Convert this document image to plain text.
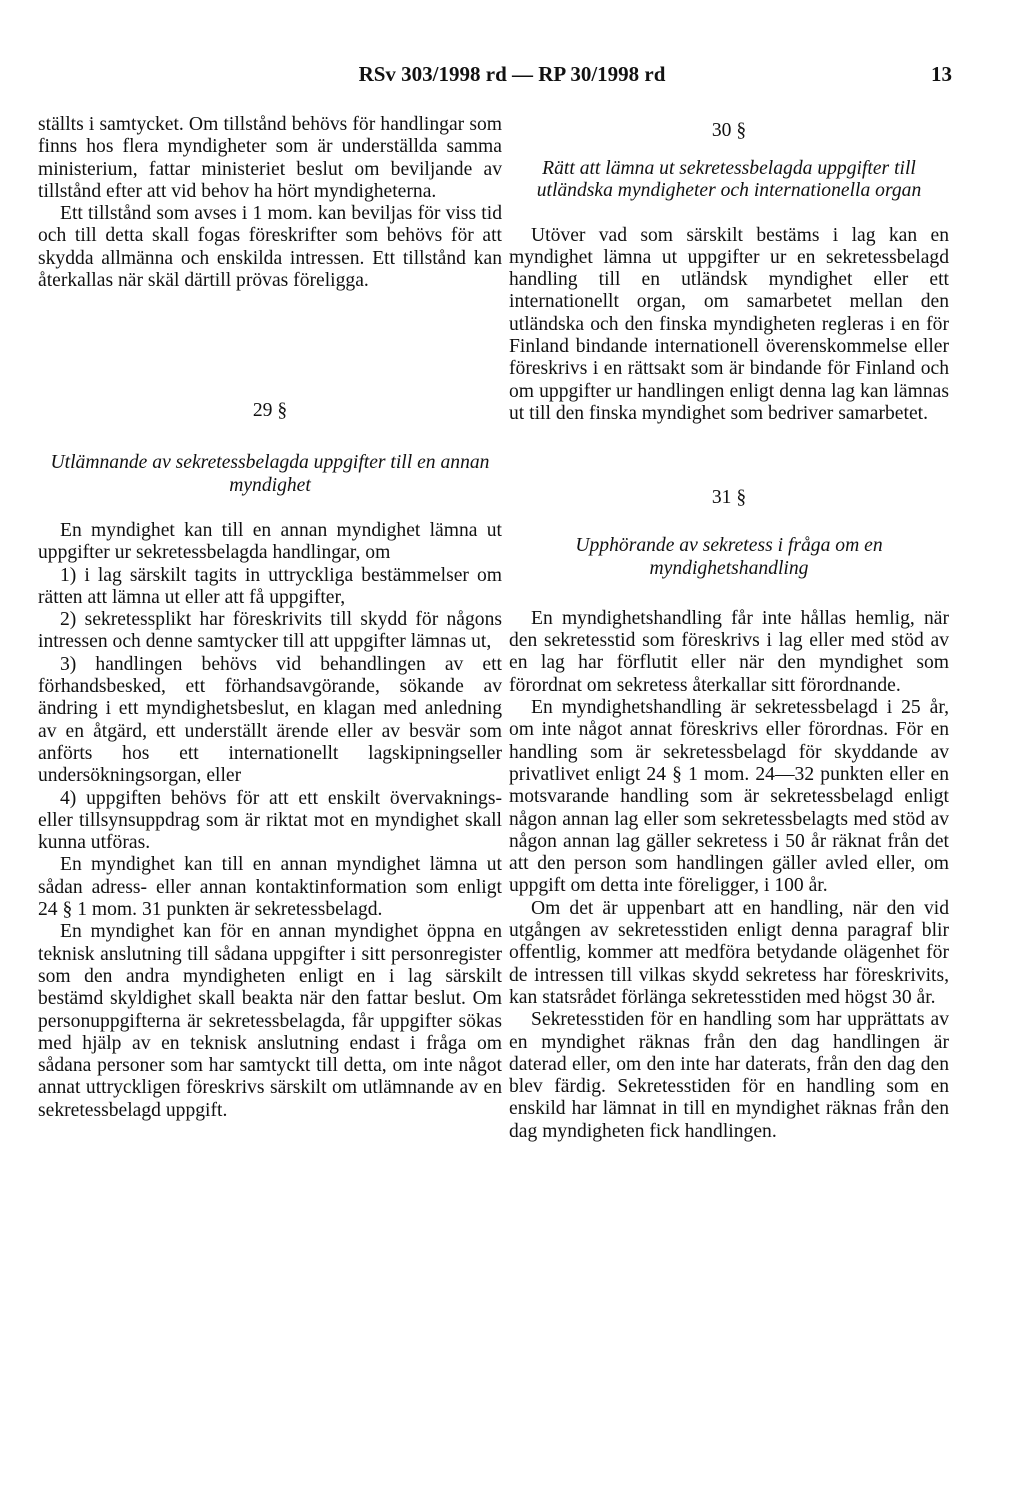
RSv 303/1998 rd — RP 30/1998 rd	13

ställts i samtycket. Om tillstånd behövs för handlingar som finns hos flera myndigheter som är underställda samma ministerium, fattar ministeriet beslut om beviljande av tillstånd efter att vid behov ha hört myndigheterna.

Ett tillstånd som avses i 1 mom. kan beviljas för viss tid och till detta skall fogas föreskrifter som behövs för att skydda allmänna och enskilda intressen. Ett tillstånd kan återkallas när skäl därtill prövas föreligga.

29 §
Utlämnande av sekretessbelagda uppgifter till en annan myndighet

En myndighet kan till en annan myndighet lämna ut uppgifter ur sekretessbelagda handlingar, om

1) i lag särskilt tagits in uttryckliga bestämmelser om rätten att lämna ut eller att få uppgifter,

2) sekretessplikt har föreskrivits till skydd för någons intressen och denne samtycker till att uppgifter lämnas ut,

3) handlingen behövs vid behandlingen av ett förhandsbesked, ett förhandsavgörande, sökande av ändring i ett myndighetsbeslut, en klagan med anledning av en åtgärd, ett underställt ärende eller av besvär som anförts hos ett internationellt lagskipningseller undersökningsorgan, eller

4) uppgiften behövs för att ett enskilt övervaknings- eller tillsynsuppdrag som är riktat mot en myndighet skall kunna utföras.

En myndighet kan till en annan myndighet lämna ut sådan adress- eller annan kontaktinformation som enligt 24 § 1 mom. 31 punkten är sekretessbelagd.

En myndighet kan för en annan myndighet öppna en teknisk anslutning till sådana uppgifter i sitt personregister som den andra myndigheten enligt en i lag särskilt bestämd skyldighet skall beakta när den fattar beslut. Om personuppgifterna är sekretessbelagda, får uppgifter sökas med hjälp av en teknisk anslutning endast i fråga om sådana personer som har samtyckt till detta, om inte något annat uttryckligen föreskrivs särskilt om utlämnande av en sekretessbelagd uppgift.

30 §
Rätt att lämna ut sekretessbelagda uppgifter till utländska myndigheter och internationella organ

Utöver vad som särskilt bestäms i lag kan en myndighet lämna ut uppgifter ur en sekretessbelagd handling till en utländsk myndighet eller ett internationellt organ, om samarbetet mellan den utländska och den finska myndigheten regleras i en för Finland bindande internationell överenskommelse eller föreskrivs i en rättsakt som är bindande för Finland och om uppgifter ur handlingen enligt denna lag kan lämnas ut till den finska myndighet som bedriver samarbetet.

31 §
Upphörande av sekretess i fråga om en myndighetshandling

En myndighetshandling får inte hållas hemlig, när den sekretesstid som föreskrivs i lag eller med stöd av en lag har förflutit eller när den myndighet som förordnat om sekretess återkallar sitt förordnande.

En myndighetshandling är sekretessbelagd i 25 år, om inte något annat föreskrivs eller förordnas. För en handling som är sekretessbelagd för skyddande av privatlivet enligt 24 § 1 mom. 24—32 punkten eller en motsvarande handling som är sekretessbelagd enligt någon annan lag eller som sekretessbelagts med stöd av någon annan lag gäller sekretess i 50 år räknat från det att den person som handlingen gäller avled eller, om uppgift om detta inte föreligger, i 100 år.

Om det är uppenbart att en handling, när den vid utgången av sekretesstiden enligt denna paragraf blir offentlig, kommer att medföra betydande olägenhet för de intressen till vilkas skydd sekretess har föreskrivits, kan statsrådet förlänga sekretesstiden med högst 30 år.

Sekretesstiden för en handling som har upprättats av en myndighet räknas från den dag handlingen är daterad eller, om den inte har daterats, från den dag den blev färdig. Sekretesstiden för en handling som en enskild har lämnat in till en myndighet räknas från den dag myndigheten fick handlingen.
